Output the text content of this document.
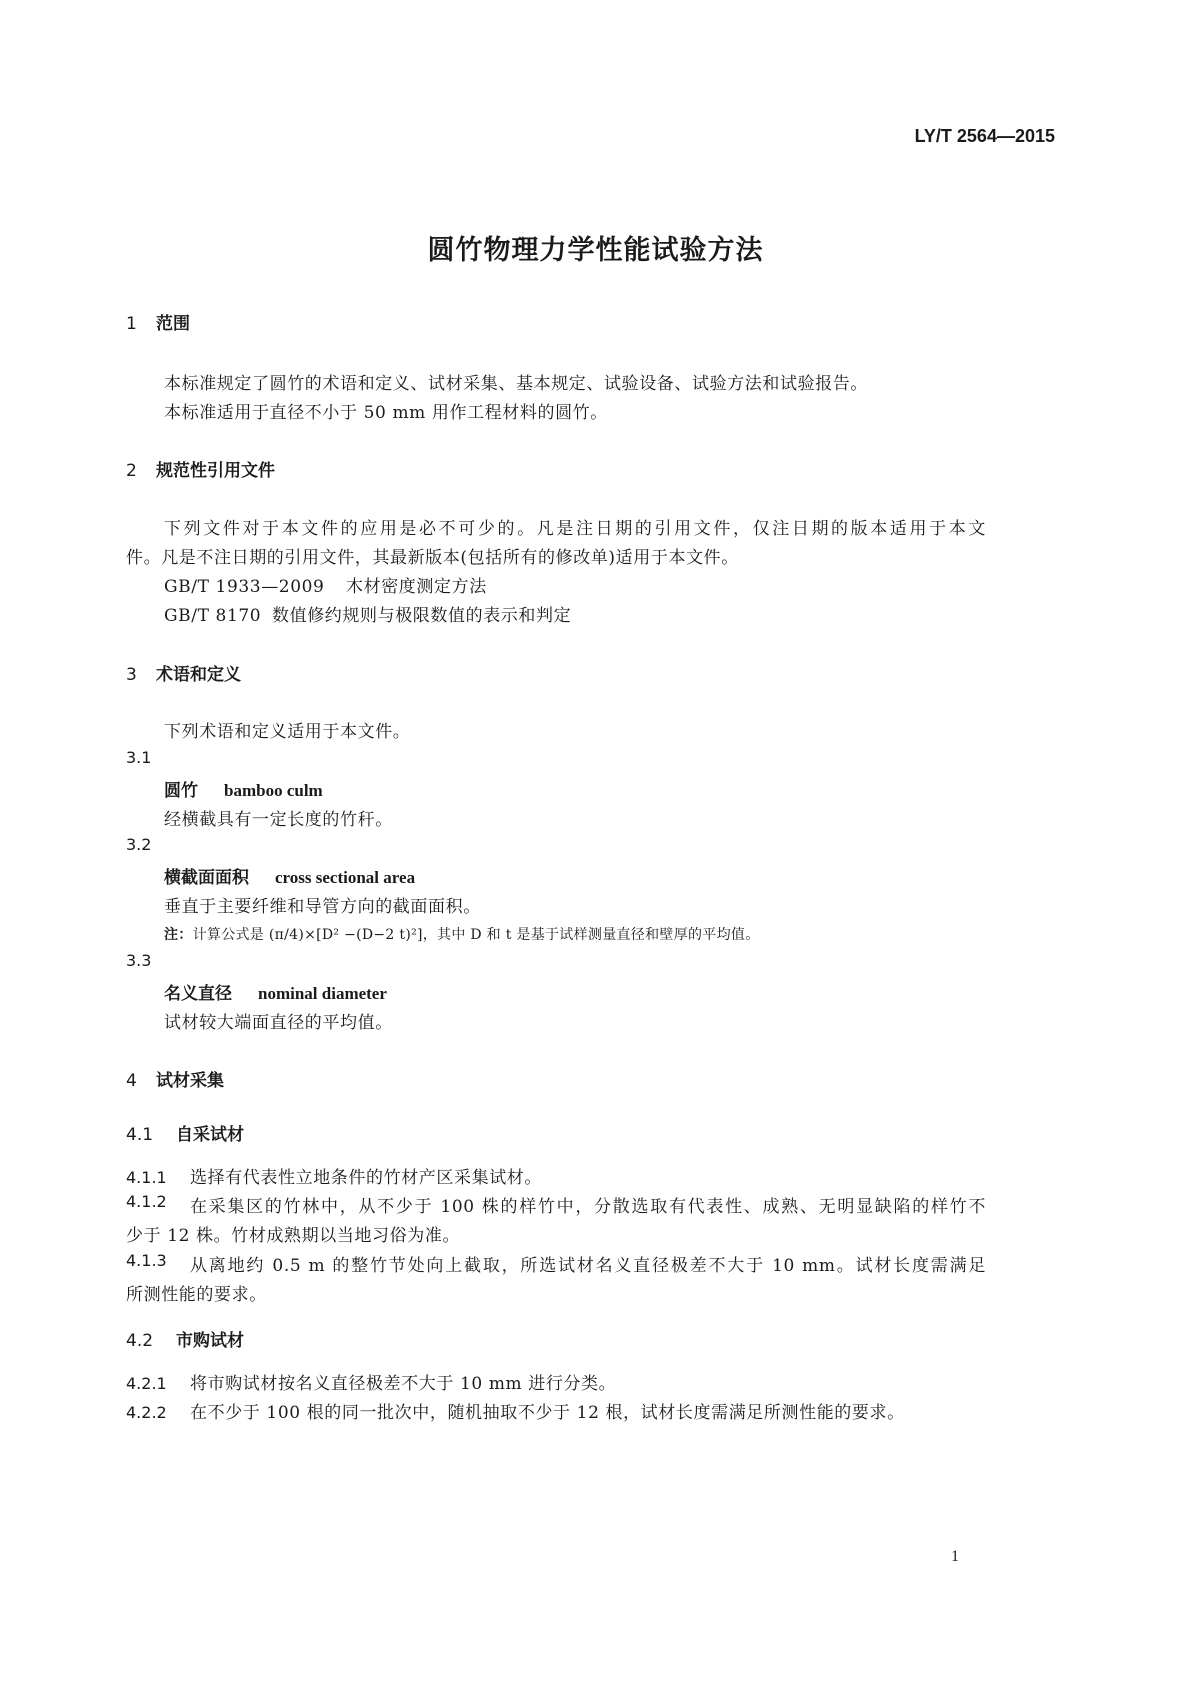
LY/T 2564—2015
圆竹物理力学性能试验方法
1 范围
本标准规定了圆竹的术语和定义、试材采集、基本规定、试验设备、试验方法和试验报告。
本标准适用于直径不小于 50 mm 用作工程材料的圆竹。
2 规范性引用文件
下列文件对于本文件的应用是必不可少的。凡是注日期的引用文件，仅注日期的版本适用于本文
件。凡是不注日期的引用文件，其最新版本(包括所有的修改单)适用于本文件。
GB/T 1933—2009 木材密度测定方法
GB/T 8170 数值修约规则与极限数值的表示和判定
3 术语和定义
下列术语和定义适用于本文件。
3.1
圆竹 bamboo culm
经横截具有一定长度的竹秆。
3.2
横截面面积 cross sectional area
垂直于主要纤维和导管方向的截面面积。
注：计算公式是 (π/4)×[D² −(D−2 t)²]，其中 D 和 t 是基于试样测量直径和壁厚的平均值。
3.3
名义直径 nominal diameter
试材较大端面直径的平均值。
4 试材采集
4.1 自采试材
4.1.1 选择有代表性立地条件的竹材产区采集试材。
4.1.2	在采集区的竹林中，从不少于 100 株的样竹中，分散选取有代表性、成熟、无明显缺陷的样竹不
少于 12 株。竹材成熟期以当地习俗为准。
4.1.3	从离地约 0.5 m 的整竹节处向上截取，所选试材名义直径极差不大于 10 mm。试材长度需满足
所测性能的要求。
4.2 市购试材
4.2.1 将市购试材按名义直径极差不大于 10 mm 进行分类。
4.2.2 在不少于 100 根的同一批次中，随机抽取不少于 12 根，试材长度需满足所测性能的要求。
1
